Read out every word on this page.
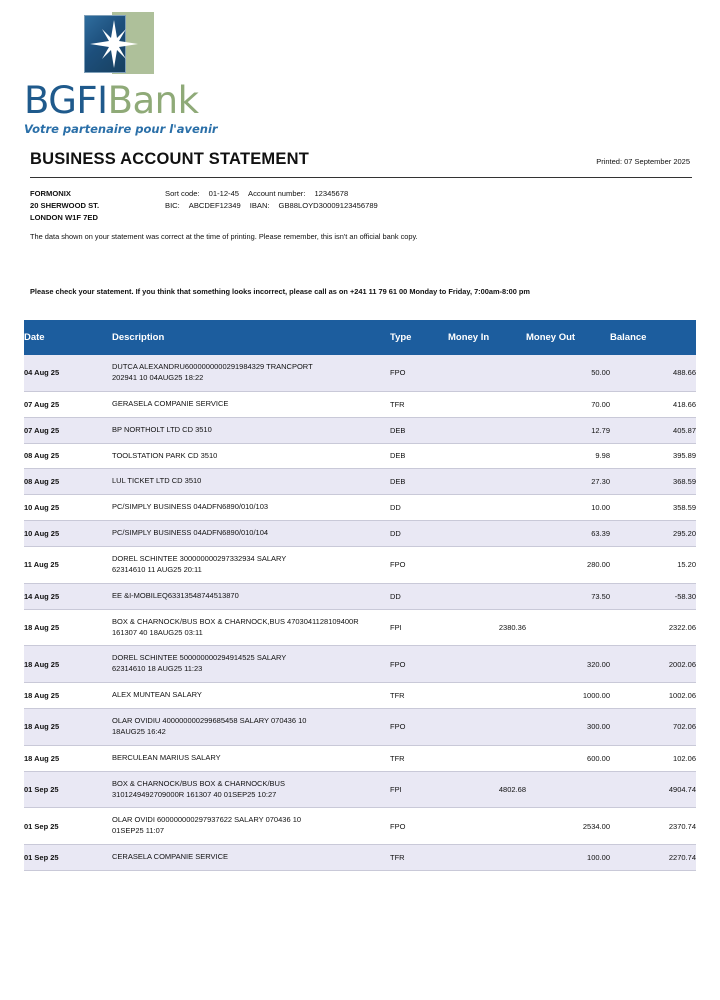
BGFIBank
Votre partenaire pour l'avenir
BUSINESS ACCOUNT STATEMENT	Printed: 07 September 2025
FORMONIX
20 SHERWOOD ST.
LONDON W1F 7ED
Sort code: 01-12-45 Account number: 12345678
BIC: ABCDEF12349 IBAN: GB88LOYD30009123456789
The data shown on your statement was correct at the time of printing. Please remember, this isn't an official bank copy.
Please check your statement. If you think that something looks incorrect, please call as on +241 11 79 61 00 Monday to Friday, 7:00am-8:00 pm
Date	Description	Type	Money In	Money Out	Balance
04 Aug 25	DUTCA ALEXANDRU6000000000291984329 TRANCPORT
202941 10 04AUG25 18:22	FPO		50.00	488.66
07 Aug 25	GERASELA COMPANIE SERVICE	TFR		70.00	418.66
07 Aug 25	BP NORTHOLT LTD CD 3510	DEB		12.79	405.87
08 Aug 25	TOOLSTATION PARK CD 3510	DEB		9.98	395.89
08 Aug 25	LUL TICKET LTD CD 3510	DEB		27.30	368.59
10 Aug 25	PC/SIMPLY BUSINESS 04ADFN6890/010/103	DD		10.00	358.59
10 Aug 25	PC/SIMPLY BUSINESS 04ADFN6890/010/104	DD		63.39	295.20
11 Aug 25	DOREL SCHINTEE 300000000297332934 SALARY
62314610 11 AUG25 20:11	FPO		280.00	15.20
14 Aug 25	EE &I-MOBILEQ63313548744513870	DD		73.50	-58.30
18 Aug 25	BOX & CHARNOCK/BUS BOX & CHARNOCK,BUS 4703041128109400R
161307 40 18AUG25 03:11	FPI	2380.36		2322.06
18 Aug 25	DOREL SCHINTEE 500000000294914525 SALARY
62314610 18 AUG25 11:23	FPO		320.00	2002.06
18 Aug 25	ALEX MUNTEAN SALARY	TFR		1000.00	1002.06
18 Aug 25	OLAR OVIDIU 400000000299685458 SALARY 070436 10
18AUG25 16:42	FPO		300.00	702.06
18 Aug 25	BERCULEAN MARIUS SALARY	TFR		600.00	102.06
01 Sep 25	BOX & CHARNOCK/BUS BOX & CHARNOCK/BUS
3101249492709000R 161307 40 01SEP25 10:27	FPI	4802.68		4904.74
01 Sep 25	OLAR OVIDI 600000000297937622 SALARY 070436 10
01SEP25 11:07	FPO		2534.00	2370.74
01 Sep 25	CERASELA COMPANIE SERVICE	TFR		100.00	2270.74
